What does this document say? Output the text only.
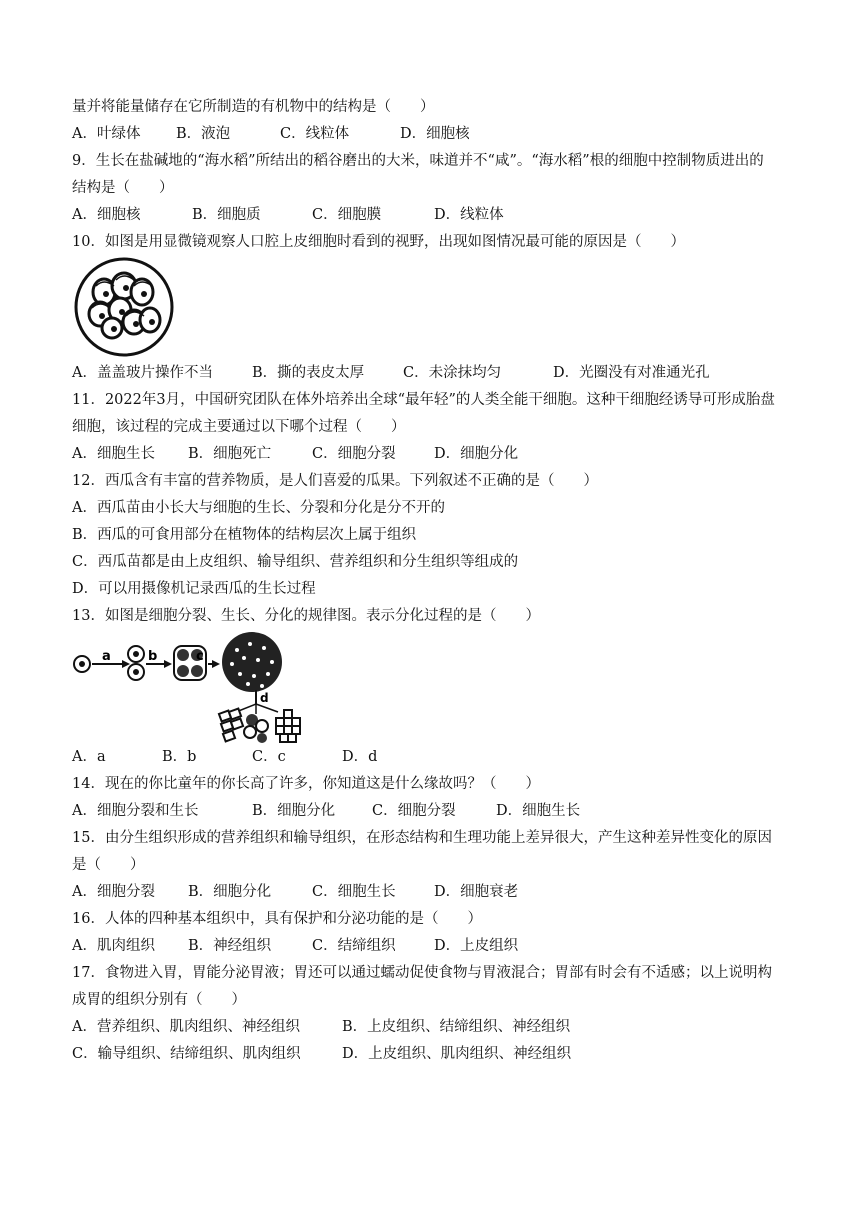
量并将能量储存在它所制造的有机物中的结构是（　　）
A．叶绿体	B．液泡	C．线粒体	D．细胞核
9．生长在盐碱地的“海水稻”所结出的稻谷磨出的大米，味道并不“咸”。“海水稻”根的细胞中控制物质进出的
结构是（　　）
A．细胞核	B．细胞质	C．细胞膜	D．线粒体
10．如图是用显微镜观察人口腔上皮细胞时看到的视野，出现如图情况最可能的原因是（　　）
A．盖盖玻片操作不当	B．撕的表皮太厚	C．未涂抹均匀	D．光圈没有对准通光孔
11．2022年3月，中国研究团队在体外培养出全球“最年轻”的人类全能干细胞。这种干细胞经诱导可形成胎盘
细胞，该过程的完成主要通过以下哪个过程（　　）
A．细胞生长	B．细胞死亡	C．细胞分裂	D．细胞分化
12．西瓜含有丰富的营养物质，是人们喜爱的瓜果。下列叙述不正确的是（　　）
A．西瓜苗由小长大与细胞的生长、分裂和分化是分不开的
B．西瓜的可食用部分在植物体的结构层次上属于组织
C．西瓜苗都是由上皮组织、输导组织、营养组织和分生组织等组成的
D．可以用摄像机记录西瓜的生长过程
13．如图是细胞分裂、生长、分化的规律图。表示分化过程的是（　　）
a	b	c
d
A．a	B．b	C．c	D．d
14．现在的你比童年的你长高了许多，你知道这是什么缘故吗？（　　）
A．细胞分裂和生长	B．细胞分化	C．细胞分裂	D．细胞生长
15．由分生组织形成的营养组织和输导组织，在形态结构和生理功能上差异很大，产生这种差异性变化的原因
是（　　）
A．细胞分裂	B．细胞分化	C．细胞生长	D．细胞衰老
16．人体的四种基本组织中，具有保护和分泌功能的是（　　）
A．肌肉组织	B．神经组织	C．结缔组织	D．上皮组织
17．食物进入胃，胃能分泌胃液；胃还可以通过蠕动促使食物与胃液混合；胃部有时会有不适感；以上说明构
成胃的组织分别有（　　）
A．营养组织、肌肉组织、神经组织	B．上皮组织、结缔组织、神经组织
C．输导组织、结缔组织、肌肉组织	D．上皮组织、肌肉组织、神经组织
